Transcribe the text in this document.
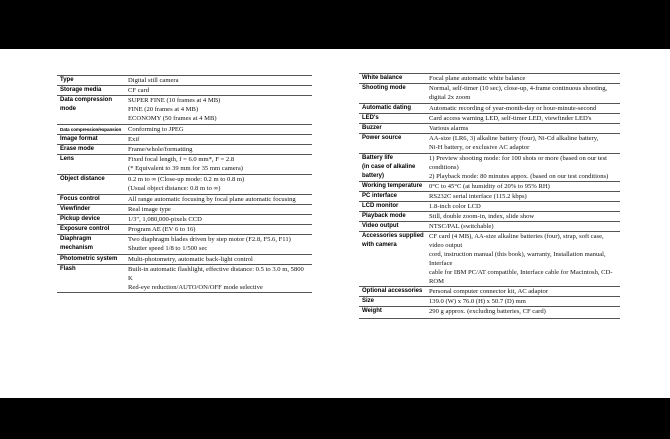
Type	Digital still camera
Storage media	CF card
Data compression
mode	SUPER FINE (10 frames at 4 MB)
FINE (20 frames at 4 MB)
ECONOMY (50 frames at 4 MB)
Data compression/expansion	Conforming to JPEG
Image format	Exif
Erase mode	Frame/whole/formatting
Lens	Fixed focal length, f = 6.0 mm*, F = 2.8
(* Equivalent to 39 mm for 35 mm camera)
Object distance	0.2 m to ∞ (Close-up mode: 0.2 m to 0.8 m)
(Usual object distance: 0.8 m to ∞)
Focus control	All range automatic focusing by focal plane automatic focusing
Viewfinder	Real image type
Pickup device	1/3", 1,080,000-pixels CCD
Exposure control	Program AE (EV 6 to 16)
Diaphragm mechanism	Two diaphragm blades driven by step motor (F2.8, F5.6, F11)
Shutter speed 1/8 to 1/500 sec
Photometric system	Multi-photometry, automatic back-light control
Flash	Built-in automatic flashlight, effective distance: 0.5 to 3.0 m, 5800 K
Red-eye reduction/AUTO/ON/OFF mode selective
White balance	Focal plane automatic white balance
Shooting mode	Normal, self-timer (10 sec), close-up, 4-frame continuous shooting,
digital 2x zoom
Automatic dating	Automatic recording of year-month-day or hour-minute-second
LED's	Card access warning LED, self-timer LED, viewfinder LED's
Buzzer	Various alarms
Power source	AA-size (LR6, 3) alkaline battery (four), Ni-Cd alkaline battery,
Ni-H battery, or exclusive AC adaptor
Battery life
(in case of alkaline battery)	1) Preview shooting mode: for 100 shots or more (based on our test conditions)
2) Playback mode: 80 minutes appox. (based on our test conditions)
Working temperature	0°C to 45°C (at humidity of 20% to 95% RH)
PC interface	RS232C serial interface (115.2 kbps)
LCD monitor	1.8-inch color LCD
Playback mode	Still, double zoom-in, index, slide show
Video output	NTSC/PAL (switchable)
Accessories supplied
with camera	CF card (4 MB), AA-size alkaline batteries (four), strap, soft case, video output
cord, instruction manual (this book), warranty, Installation manual, Interface
cable for IBM PC/AT compatible, Interface cable for Macintosh, CD-ROM
Optional accessories	Personal computer connector kit, AC adaptor
Size	139.0 (W) x 76.0 (H) x 50.7 (D) mm
Weight	290 g approx. (excluding batteries, CF card)
